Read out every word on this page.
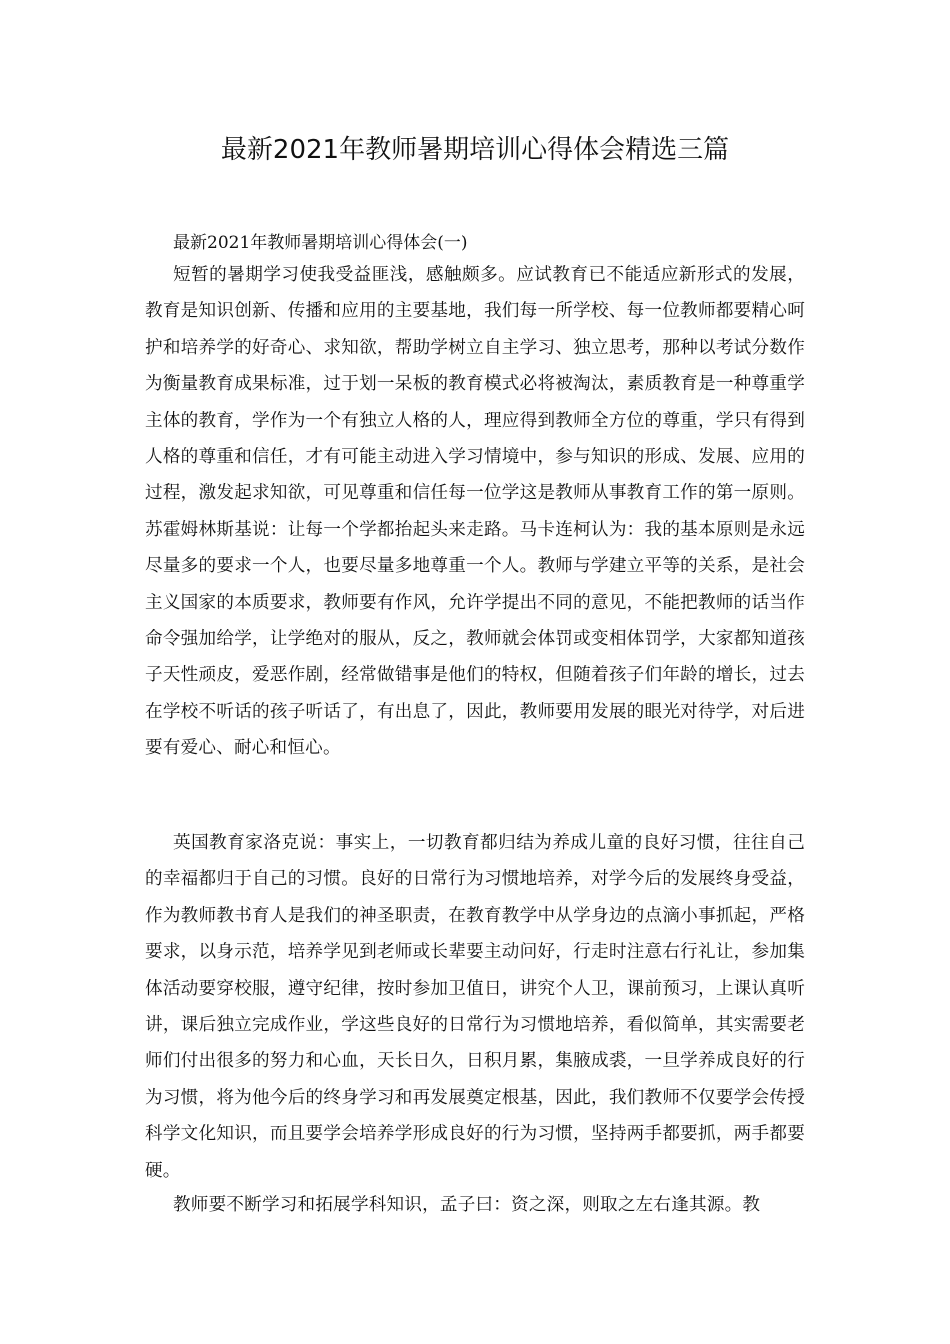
最新2021年教师暑期培训心得体会精选三篇
最新2021年教师暑期培训心得体会(一)

短暂的暑期学习使我受益匪浅，感触颇多。应试教育已不能适应新形式的发展，教育是知识创新、传播和应用的主要基地，我们每一所学校、每一位教师都要精心呵护和培养学的好奇心、求知欲，帮助学树立自主学习、独立思考，那种以考试分数作为衡量教育成果标准，过于划一呆板的教育模式必将被淘汰，素质教育是一种尊重学主体的教育，学作为一个有独立人格的人，理应得到教师全方位的尊重，学只有得到人格的尊重和信任，才有可能主动进入学习情境中，参与知识的形成、发展、应用的过程，激发起求知欲，可见尊重和信任每一位学这是教师从事教育工作的第一原则。苏霍姆林斯基说：让每一个学都抬起头来走路。马卡连柯认为：我的基本原则是永远尽量多的要求一个人，也要尽量多地尊重一个人。教师与学建立平等的关系，是社会主义国家的本质要求，教师要有作风，允许学提出不同的意见，不能把教师的话当作命令强加给学，让学绝对的服从，反之，教师就会体罚或变相体罚学，大家都知道孩子天性顽皮，爱恶作剧，经常做错事是他们的特权，但随着孩子们年龄的增长，过去在学校不听话的孩子听话了，有出息了，因此，教师要用发展的眼光对待学，对后进要有爱心、耐心和恒心。

英国教育家洛克说：事实上，一切教育都归结为养成儿童的良好习惯，往往自己的幸福都归于自己的习惯。良好的日常行为习惯地培养，对学今后的发展终身受益，作为教师教书育人是我们的神圣职责，在教育教学中从学身边的点滴小事抓起，严格要求，以身示范，培养学见到老师或长辈要主动问好，行走时注意右行礼让，参加集体活动要穿校服，遵守纪律，按时参加卫值日，讲究个人卫，课前预习，上课认真听讲，课后独立完成作业，学这些良好的日常行为习惯地培养，看似简单，其实需要老师们付出很多的努力和心血，天长日久，日积月累，集腋成裘，一旦学养成良好的行为习惯，将为他今后的终身学习和再发展奠定根基，因此，我们教师不仅要学会传授科学文化知识，而且要学会培养学形成良好的行为习惯，坚持两手都要抓，两手都要硬。

教师要不断学习和拓展学科知识，孟子曰：资之深，则取之左右逢其源。教
